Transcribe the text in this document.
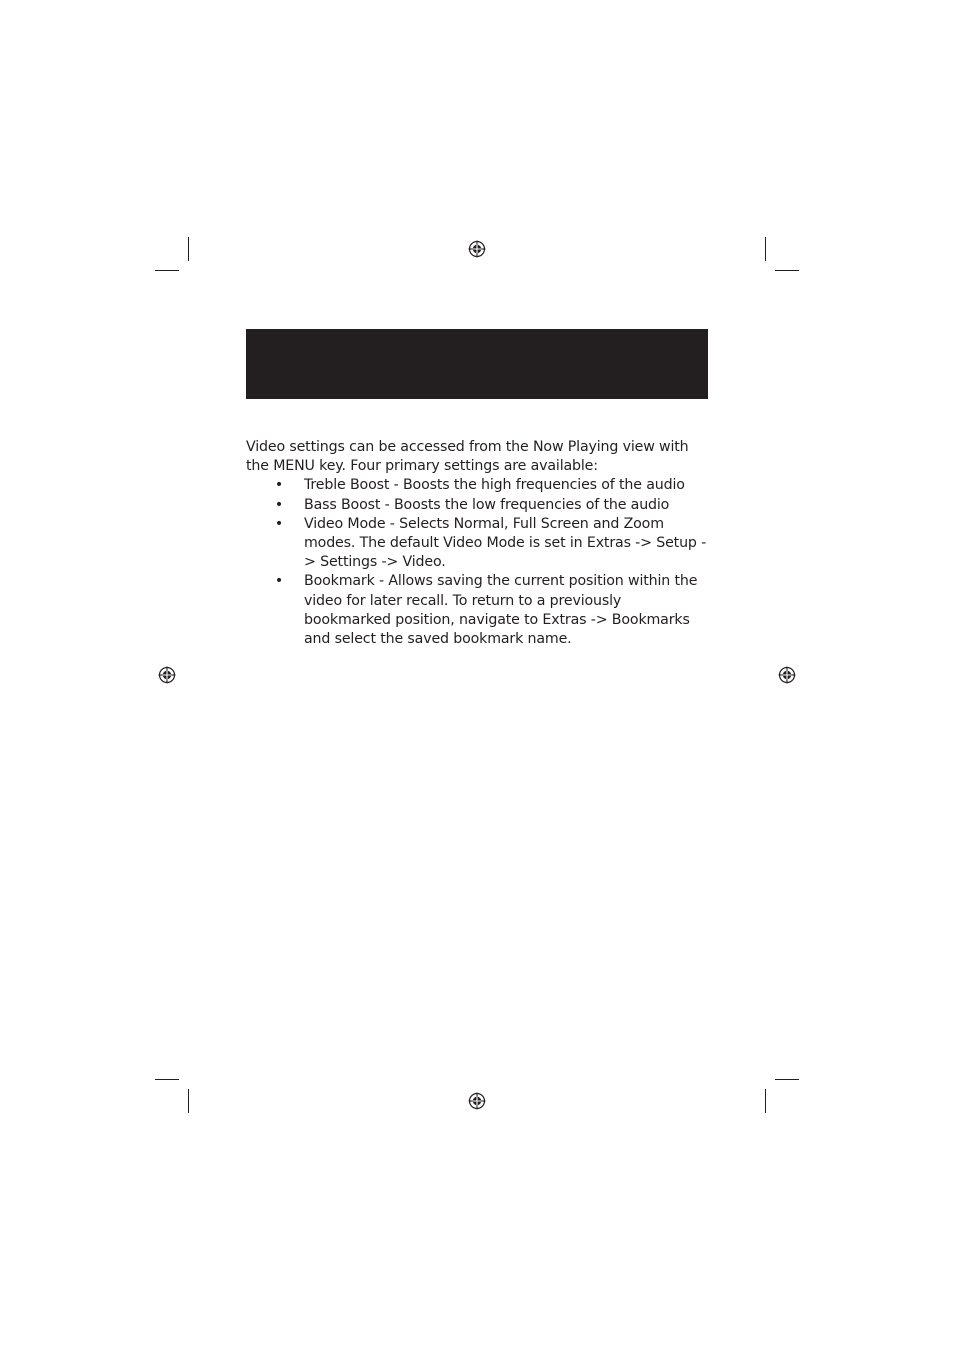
Video settings can be accessed from the Now Playing view with the MENU key. Four primary settings are available:

• Treble Boost - Boosts the high frequencies of the audio
• Bass Boost - Boosts the low frequencies of the audio
• Video Mode - Selects Normal, Full Screen and Zoom modes. The default Video Mode is set in Extras -> Setup -> Settings -> Video.
• Bookmark - Allows saving the current position within the video for later recall. To return to a previously bookmarked position, navigate to Extras -> Bookmarks and select the saved bookmark name.
